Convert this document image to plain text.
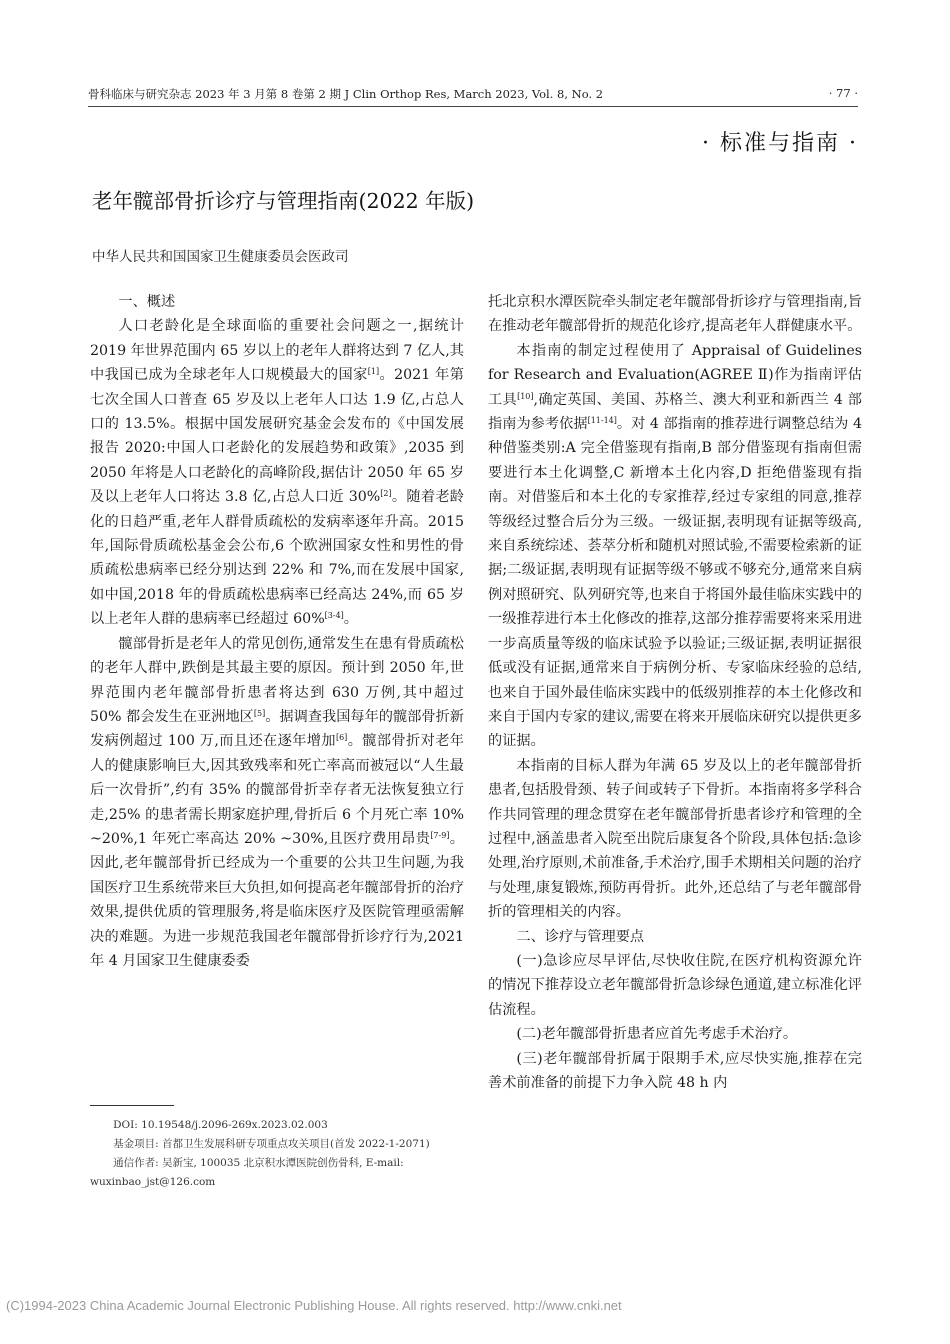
骨科临床与研究杂志 2023 年 3 月第 8 卷第 2 期 J Clin Orthop Res, March 2023, Vol. 8, No. 2	· 77 ·
· 标准与指南 ·
老年髋部骨折诊疗与管理指南(2022 年版)
中华人民共和国国家卫生健康委员会医政司

一、概述

人口老龄化是全球面临的重要社会问题之一,据统计 2019 年世界范围内 65 岁以上的老年人群将达到 7 亿人,其中我国已成为全球老年人口规模最大的国家[1]。2021 年第七次全国人口普查 65 岁及以上老年人口达 1.9 亿,占总人口的 13.5%。根据中国发展研究基金会发布的《中国发展报告 2020:中国人口老龄化的发展趋势和政策》,2035 到 2050 年将是人口老龄化的高峰阶段,据估计 2050 年 65 岁及以上老年人口将达 3.8 亿,占总人口近 30%[2]。随着老龄化的日趋严重,老年人群骨质疏松的发病率逐年升高。2015 年,国际骨质疏松基金会公布,6 个欧洲国家女性和男性的骨质疏松患病率已经分别达到 22% 和 7%,而在发展中国家,如中国,2018 年的骨质疏松患病率已经高达 24%,而 65 岁以上老年人群的患病率已经超过 60%[3-4]。

髋部骨折是老年人的常见创伤,通常发生在患有骨质疏松的老年人群中,跌倒是其最主要的原因。预计到 2050 年,世界范围内老年髋部骨折患者将达到 630 万例,其中超过 50% 都会发生在亚洲地区[5]。据调查我国每年的髋部骨折新发病例超过 100 万,而且还在逐年增加[6]。髋部骨折对老年人的健康影响巨大,因其致残率和死亡率高而被冠以“人生最后一次骨折”,约有 35% 的髋部骨折幸存者无法恢复独立行走,25% 的患者需长期家庭护理,骨折后 6 个月死亡率 10% ~20%,1 年死亡率高达 20% ~30%,且医疗费用昂贵[7-9]。因此,老年髋部骨折已经成为一个重要的公共卫生问题,为我国医疗卫生系统带来巨大负担,如何提高老年髋部骨折的治疗效果,提供优质的管理服务,将是临床医疗及医院管理亟需解决的难题。为进一步规范我国老年髋部骨折诊疗行为,2021 年 4 月国家卫生健康委委

托北京积水潭医院牵头制定老年髋部骨折诊疗与管理指南,旨在推动老年髋部骨折的规范化诊疗,提高老年人群健康水平。

本指南的制定过程使用了 Appraisal of Guidelines for Research and Evaluation(AGREE Ⅱ)作为指南评估工具[10],确定英国、美国、苏格兰、澳大利亚和新西兰 4 部指南为参考依据[11-14]。对 4 部指南的推荐进行调整总结为 4 种借鉴类别:A 完全借鉴现有指南,B 部分借鉴现有指南但需要进行本土化调整,C 新增本土化内容,D 拒绝借鉴现有指南。对借鉴后和本土化的专家推荐,经过专家组的同意,推荐等级经过整合后分为三级。一级证据,表明现有证据等级高,来自系统综述、荟萃分析和随机对照试验,不需要检索新的证据;二级证据,表明现有证据等级不够或不够充分,通常来自病例对照研究、队列研究等,也来自于将国外最佳临床实践中的一级推荐进行本土化修改的推荐,这部分推荐需要将来采用进一步高质量等级的临床试验予以验证;三级证据,表明证据很低或没有证据,通常来自于病例分析、专家临床经验的总结,也来自于国外最佳临床实践中的低级别推荐的本土化修改和来自于国内专家的建议,需要在将来开展临床研究以提供更多的证据。

本指南的目标人群为年满 65 岁及以上的老年髋部骨折患者,包括股骨颈、转子间或转子下骨折。本指南将多学科合作共同管理的理念贯穿在老年髋部骨折患者诊疗和管理的全过程中,涵盖患者入院至出院后康复各个阶段,具体包括:急诊处理,治疗原则,术前准备,手术治疗,围手术期相关问题的治疗与处理,康复锻炼,预防再骨折。此外,还总结了与老年髋部骨折的管理相关的内容。

二、诊疗与管理要点

(一)急诊应尽早评估,尽快收住院,在医疗机构资源允许的情况下推荐设立老年髋部骨折急诊绿色通道,建立标准化评估流程。

(二)老年髋部骨折患者应首先考虑手术治疗。

(三)老年髋部骨折属于限期手术,应尽快实施,推荐在完善术前准备的前提下力争入院 48 h 内

DOI: 10.19548/j.2096-269x.2023.02.003

基金项目: 首都卫生发展科研专项重点攻关项目(首发 2022-1-2071)

通信作者: 吴新宝, 100035 北京积水潭医院创伤骨科, E-mail: wuxinbao_jst@126.com

(C)1994-2023 China Academic Journal Electronic Publishing House. All rights reserved. http://www.cnki.net
